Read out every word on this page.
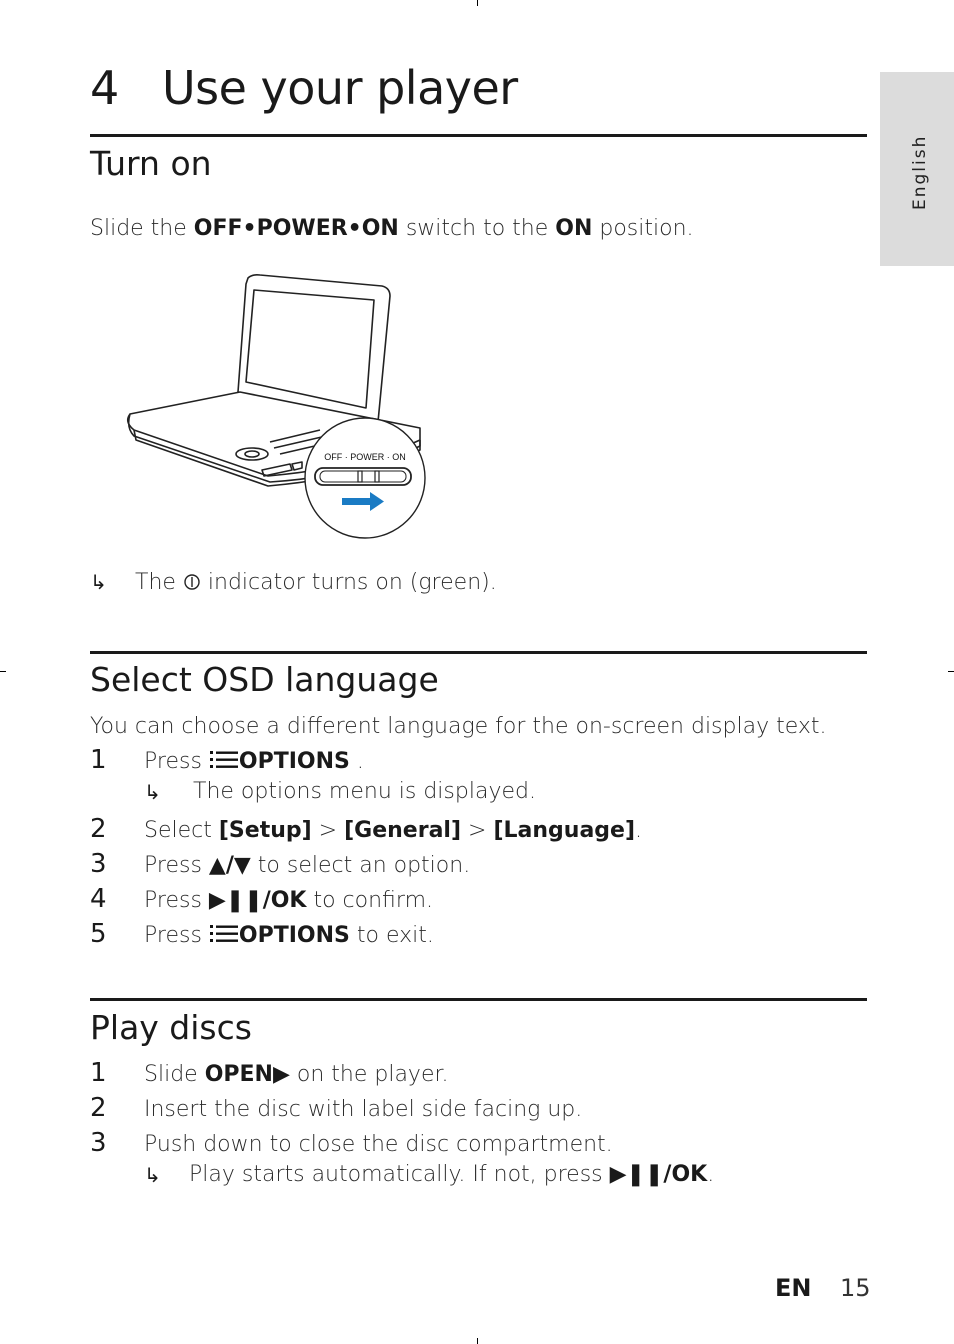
English
4 Use your player
Turn on
Slide the OFF•POWER•ON switch to the ON position.
OFF · POWER · ON
↳ The  indicator turns on (green).
Select OSD language
You can choose a different language for the on-screen display text.
1 Press OPTIONS .
↳ The options menu is displayed.
2 Select [Setup] > [General] > [Language].
3 Press ▲/▼ to select an option.
4 Press ▶❚❚/OK to confirm.
5 Press OPTIONS to exit.
Play discs
1 Slide OPEN▶ on the player.
2 Insert the disc with label side facing up.
3 Push down to close the disc compartment.
↳ Play starts automatically. If not, press ▶❚❚/OK.
EN 15
